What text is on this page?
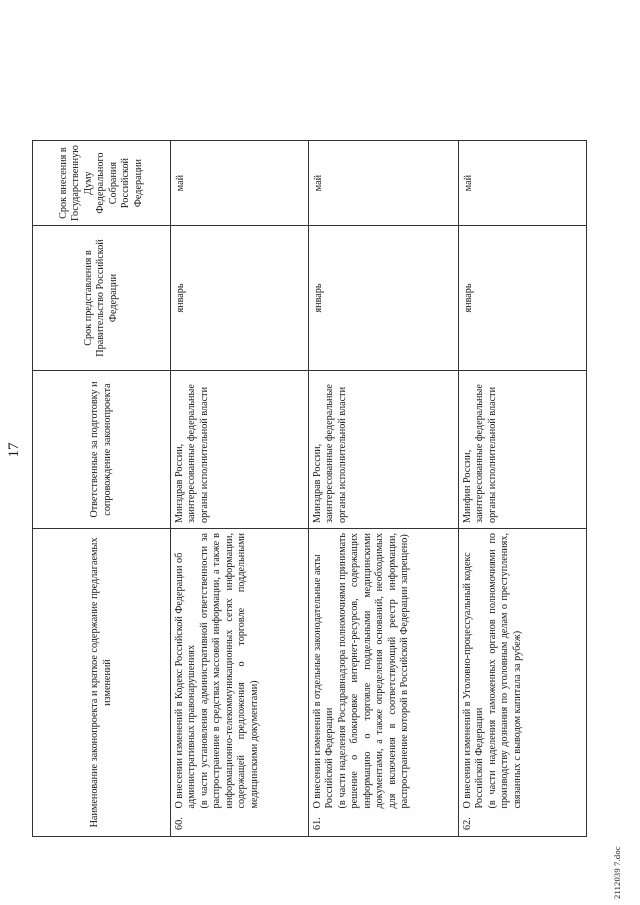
17
Наименование законопроекта и краткое содержание предлагаемых изменений		Ответственные за подготовку и сопровождение законопроекта	Срок представления в Правительство Российской Федерации	Срок внесения в Государственную Думу Федерального Собрания Российской Федерации
60.	О внесении изменений в Кодекс Российской Федерации об административных правонарушениях (в части установления административной ответственности за распространение в средствах массовой информации, а также в информационно-телекоммуникационных сетях информации, содержащей предложения о торговле поддельными медицинскими документами)	Минздрав России, заинтересованные федеральные органы исполнительной власти	январь	май
61.	О внесении изменений в отдельные законодательные акты Российской Федерации (в части наделения Росздравнадзора полномочиями принимать решение о блокировке интернет-ресурсов, содержащих информацию о торговле поддельными медицинскими документами, а также определения оснований, необходимых для включения в соответствующий реестр информации, распространение которой в Российской Федерации запрещено)	Минздрав России, заинтересованные федеральные органы исполнительной власти	январь	май
62.	О внесении изменений в Уголовно-процессуальный кодекс Российской Федерации (в части наделения таможенных органов полномочиями по производству дознания по уголовным делам о преступлениях, связанных с выводом капитала за рубеж)	Минфин России, заинтересованные федеральные органы исполнительной власти	январь	май
2112039 7.doc
